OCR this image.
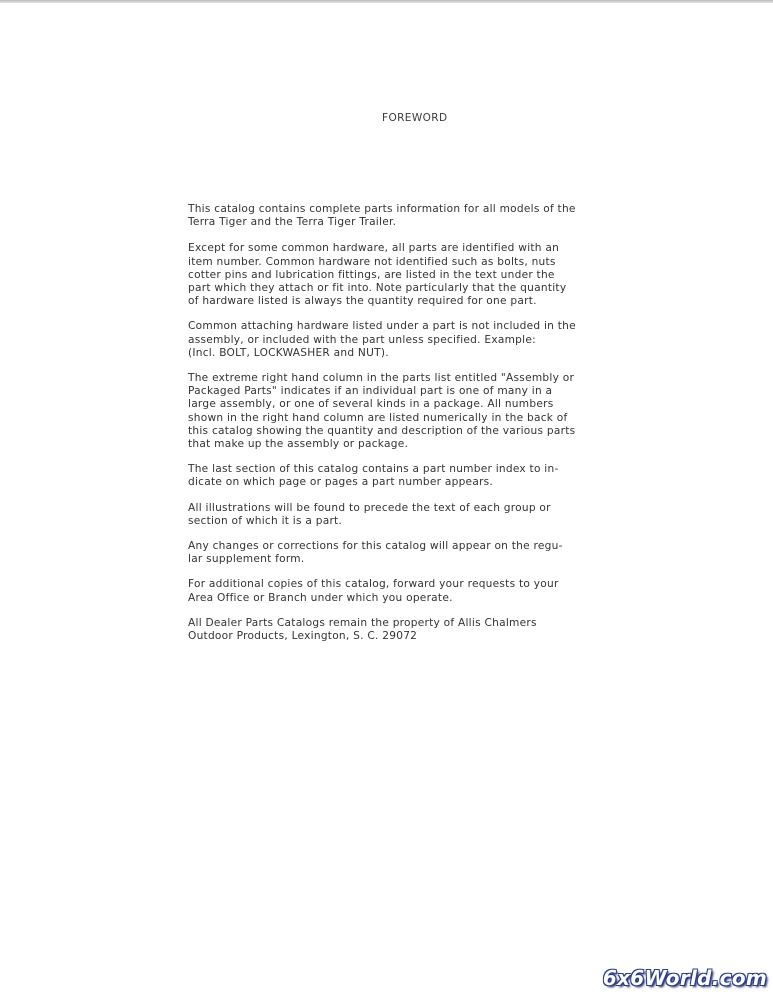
FOREWORD

This catalog contains complete parts information for all models of the
Terra Tiger and the Terra Tiger Trailer.

Except for some common hardware, all parts are identified with an
item number. Common hardware not identified such as bolts, nuts
cotter pins and lubrication fittings, are listed in the text under the
part which they attach or fit into. Note particularly that the quantity
of hardware listed is always the quantity required for one part.

Common attaching hardware listed under a part is not included in the
assembly, or included with the part unless specified. Example:
(Incl. BOLT, LOCKWASHER and NUT).

The extreme right hand column in the parts list entitled "Assembly or
Packaged Parts" indicates if an individual part is one of many in a
large assembly, or one of several kinds in a package. All numbers
shown in the right hand column are listed numerically in the back of
this catalog showing the quantity and description of the various parts
that make up the assembly or package.

The last section of this catalog contains a part number index to in-
dicate on which page or pages a part number appears.

All illustrations will be found to precede the text of each group or
section of which it is a part.

Any changes or corrections for this catalog will appear on the regu-
lar supplement form.

For additional copies of this catalog, forward your requests to your
Area Office or Branch under which you operate.

All Dealer Parts Catalogs remain the property of Allis Chalmers
Outdoor Products, Lexington, S. C. 29072

6x6World.com
